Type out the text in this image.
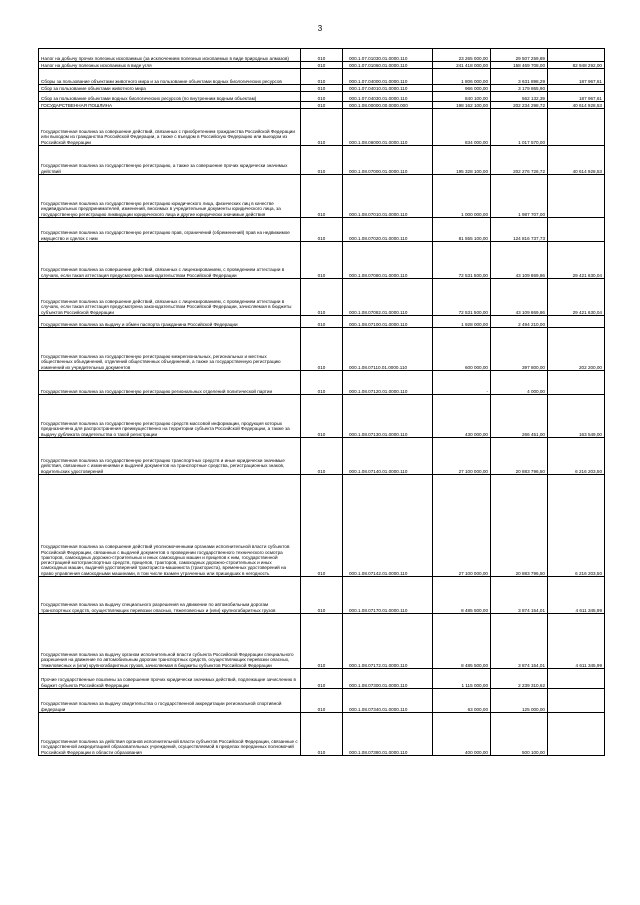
3
Налог на добычу прочих полезных ископаемых (за исключением полезных ископаемых в виде природных алмазов)	010	000.1.07.01030.01.0000.110	23 265 000,00	29 507 259,89	
Налог на добычу полезных ископаемых в виде угля	010	000.1.07.01060.01.0000.110	241 418 000,00	158 469 708,00	82 948 292,00
Сборы за пользование объектами животного мира и за пользование объектами водных биологических ресурсов	010	000.1.07.04000.01.0000.110	1 806 000,00	3 631 898,29	187 967,61
Сбор за пользование объектами животного мира	010	000.1.07.04010.01.0000.110	966 000,00	3 179 865,90	
Сбор за пользование объектами водных биологических ресурсов (по внутренним водным объектам)	010	000.1.07.04030.01.0000.110	840 100,00	562 132,39	187 967,61
ГОСУДАРСТВЕННАЯ ПОШЛИНА	010	000.1.08.00000.00.0000.000	198 162 100,00	202 234 298,72	40 614 928,53
Государственная пошлина за совершение действий, связанных с приобретением гражданства Российской Федерации или выходом из гражданства Российской Федерации, а также с въездом в Российскую Федерацию или выездом из Российской Федерации	010	000.1.08.06000.01.0000.110	834 000,00	1 017 570,00	
Государственная пошлина за государственную регистрацию, а также за совершение прочих юридически значимых действий	010	000.1.08.07000.01.0000.110	195 328 100,00	202 276 726,72	40 614 928,53
Государственная пошлина за государственную регистрацию юридического лица, физических лиц в качестве индивидуальных предпринимателей, изменений, вносимых в учредительные документы юридического лица, за государственную регистрацию ликвидации юридического лица и другие юридически значимые действия	010	000.1.08.07010.01.0000.110	1 000 000,00	1 987 707,00	
Государственная пошлина за государственную регистрацию прав, ограничений (обременений) прав на недвижимое имущество и сделок с ним	010	000.1.08.07020.01.0000.110	81 555 100,00	124 816 737,73	
Государственная пошлина за совершение действий, связанных с лицензированием, с проведением аттестации в случаях, если такая аттестация предусмотрена законодательством Российской Федерации	010	000.1.08.07080.01.0000.110	72 531 500,00	43 109 869,86	29 421 630,04
Государственная пошлина за совершение действий, связанных с лицензированием, с проведением аттестации в случаях, если такая аттестация предусмотрена законодательством Российской Федерации, зачисляемая в бюджеты субъектов Российской Федерации	010	000.1.08.07082.01.0000.110	72 531 500,00	43 109 869,86	29 421 630,04
Государственная пошлина за выдачу и обмен паспорта гражданина Российской Федерации	010	000.1.08.07100.01.0000.110	1 928 000,00	2 494 210,00	
Государственная пошлина за государственную регистрацию межрегиональных, региональных и местных общественных объединений, отделений общественных объединений, а также за государственную регистрацию изменений их учредительных документов	010	000.1.08.07110.01.0000.110	600 000,00	397 800,00	202 200,00
Государственная пошлина за государственную регистрацию региональных отделений политической партии	010	000.1.08.07120.01.0000.110	-	4 000,00	
Государственная пошлина за государственную регистрацию средств массовой информации, продукция которых предназначена для распространения преимущественно на территории субъекта Российской Федерации, а также за выдачу дубликата свидетельства о такой регистрации	010	000.1.08.07130.01.0000.110	430 000,00	266 451,00	163 549,00
Государственная пошлина за государственную регистрацию транспортных средств и иные юридически значимые действия, связанные с изменениями и выдачей документов на транспортные средства, регистрационных знаков, водительских удостоверений	010	000.1.08.07140.01.0000.110	27 100 000,00	20 883 796,50	6 216 203,50
Государственная пошлина за совершение действий уполномоченными органами исполнительной власти субъектов Российской Федерации, связанных с выдачей документов о проведении государственного технического осмотра тракторов, самоходных дорожно-строительных и иных самоходных машин и прицепов к ним, государственной регистрацией мототранспортных средств, прицепов, тракторов, самоходных дорожно-строительных и иных самоходных машин, выдачей удостоверений тракториста-машиниста (тракториста), временных удостоверений на право управления самоходными машинами, в том числе взамен утраченных или пришедших в негодность	010	000.1.08.07142.01.0000.110	27 100 000,00	20 883 796,50	6 216 203,50
Государственная пошлина за выдачу специального разрешения на движение по автомобильным дорогам транспортных средств, осуществляющих перевозки опасных, тяжеловесных и (или) крупногабаритных грузов	010	000.1.08.07170.01.0000.110	8 485 500,00	3 874 154,01	4 611 345,99
Государственная пошлина за выдачу органом исполнительной власти субъекта Российской Федерации специального разрешения на движение по автомобильным дорогам транспортных средств, осуществляющих перевозки опасных, тяжеловесных и (или) крупногабаритных грузов, зачисляемая в бюджеты субъектов Российской Федерации	010	000.1.08.07172.01.0000.110	8 485 500,00	3 874 154,01	4 611 345,99
Прочие государственные пошлины за совершение прочих юридически значимых действий, подлежащие зачислению в бюджет субъекта Российской Федерации	010	000.1.08.07300.01.0000.110	1 115 000,00	2 239 310,62	
Государственная пошлина за выдачу свидетельства о государственной аккредитации региональной спортивной федерации	010	000.1.08.07340.01.0000.110	63 000,00	125 000,00	
Государственная пошлина за действия органов исполнительной власти субъектов Российской Федерации, связанные с государственной аккредитацией образовательных учреждений, осуществляемой в пределах переданных полномочий Российской Федерации в области образования	010	000.1.08.07380.01.0000.110	400 000,00	500 100,00	
